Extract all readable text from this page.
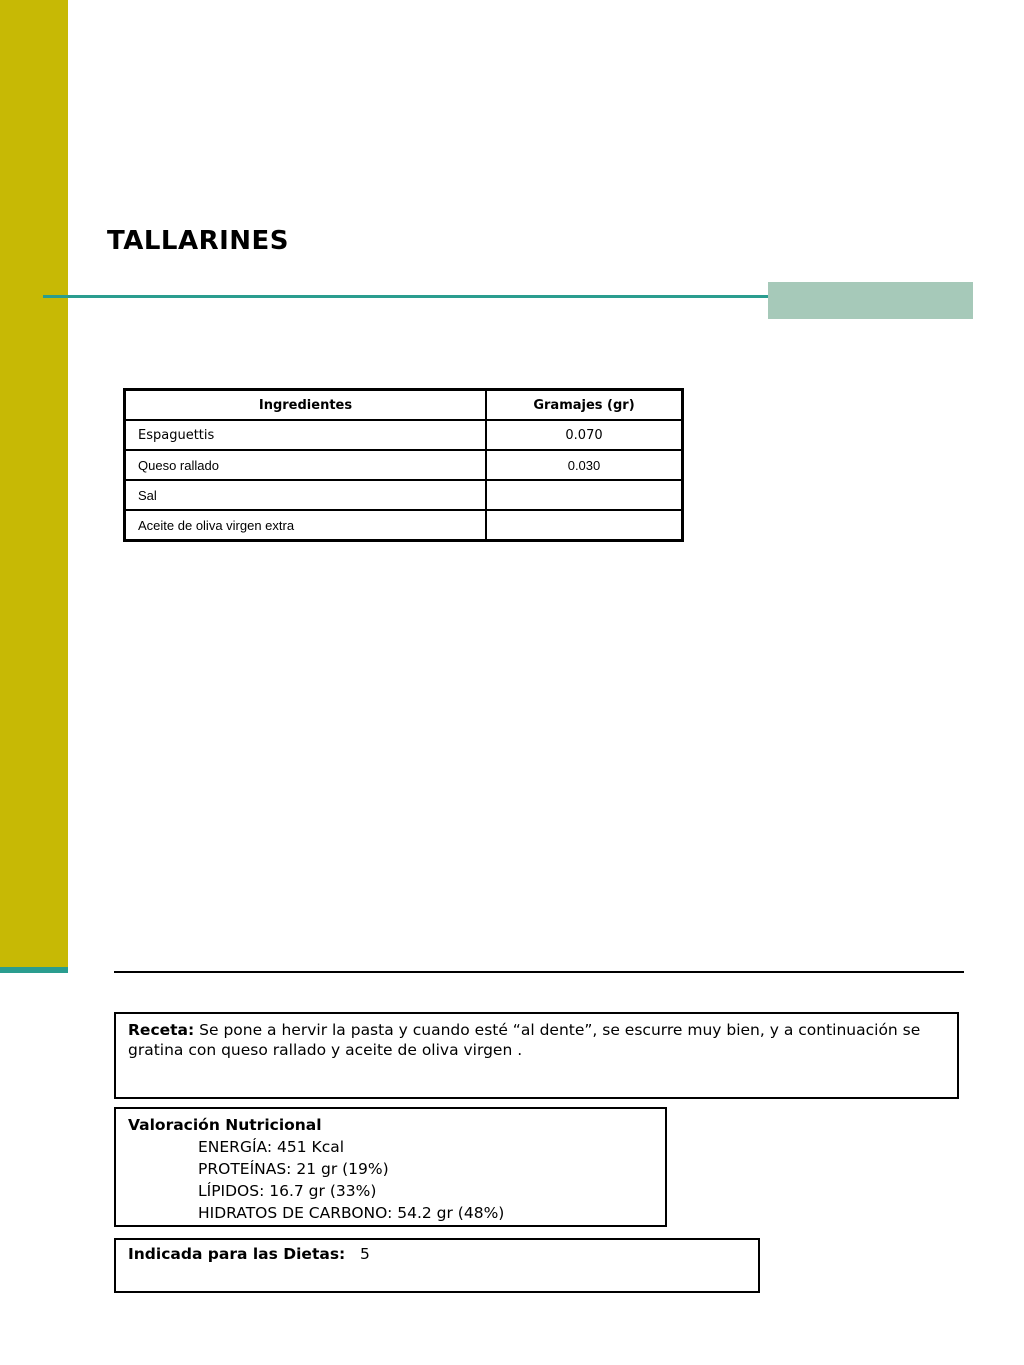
TALLARINES
Ingredientes	Gramajes (gr)
Espaguettis	0.070
Queso rallado	0.030
Sal	
Aceite de oliva virgen extra	
Receta: Se pone a hervir la pasta y cuando esté “al dente”, se escurre muy bien, y a continuación se gratina con queso rallado y aceite de oliva virgen .
Valoración Nutricional
ENERGÍA: 451 Kcal
PROTEÍNAS: 21 gr (19%)
LÍPIDOS: 16.7 gr (33%)
HIDRATOS DE CARBONO: 54.2 gr (48%)
Indicada para las Dietas: 5
